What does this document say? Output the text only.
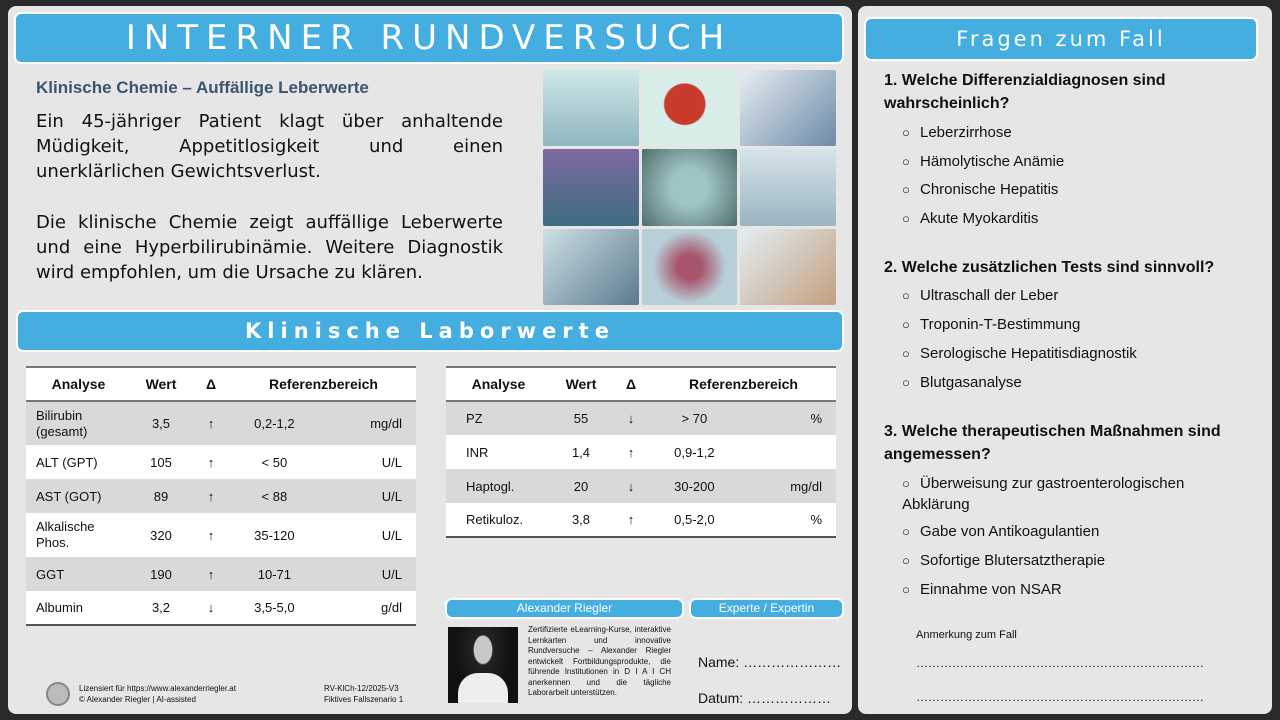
INTERNER RUNDVERSUCH
Klinische Chemie – Auffällige Leberwerte
Ein 45-jähriger Patient klagt über anhaltende Müdigkeit, Appetitlosigkeit und einen unerklärlichen Gewichtsverlust.
Die klinische Chemie zeigt auffällige Leberwerte und eine Hyperbilirubinämie. Weitere Diagnostik wird empfohlen, um die Ursache zu klären.
Klinische Laborwerte
Analyse	Wert	Δ	Referenzbereich	
Bilirubin (gesamt)	3,5	↑	0,2-1,2	mg/dl
ALT (GPT)	105	↑	< 50	U/L
AST (GOT)	89	↑	< 88	U/L
Alkalische Phos.	320	↑	35-120	U/L
GGT	190	↑	10-71	U/L
Albumin	3,2	↓	3,5-5,0	g/dl
Analyse	Wert	Δ	Referenzbereich	
PZ	55	↓	> 70	%
INR	1,4	↑	0,9-1,2	
Haptogl.	20	↓	30-200	mg/dl
Retikuloz.	3,8	↑	0,5-2,0	%
Alexander Riegler	Experte / Expertin
Zertifizierte eLearning-Kurse, interaktive Lernkarten und innovative Rundversuche – Alexander Riegler entwickelt Fortbildungsprodukte, die führende Institutionen in D I A I CH anerkennen und die tägliche Laborarbeit unterstützen.
Name: …………………
Datum: ………………
Lizensiert für https://www.alexanderriegler.at
© Alexander Riegler | AI-assisted
RV-KlCh-12/2025-V3
Fiktives Fallszenario 1
Fragen zum Fall
1. Welche Differenzialdiagnosen sind wahrscheinlich?
○ Leberzirrhose
○ Hämolytische Anämie
○ Chronische Hepatitis
○ Akute Myokarditis
2. Welche zusätzlichen Tests sind sinnvoll?
○ Ultraschall der Leber
○ Troponin-T-Bestimmung
○ Serologische Hepatitisdiagnostik
○ Blutgasanalyse
3. Welche therapeutischen Maßnahmen sind angemessen?
○ Überweisung zur gastroenterologischen Abklärung
○ Gabe von Antikoagulantien
○ Sofortige Blutersatztherapie
○ Einnahme von NSAR
Anmerkung zum Fall
………………………………………………………………
………………………………………………………………
